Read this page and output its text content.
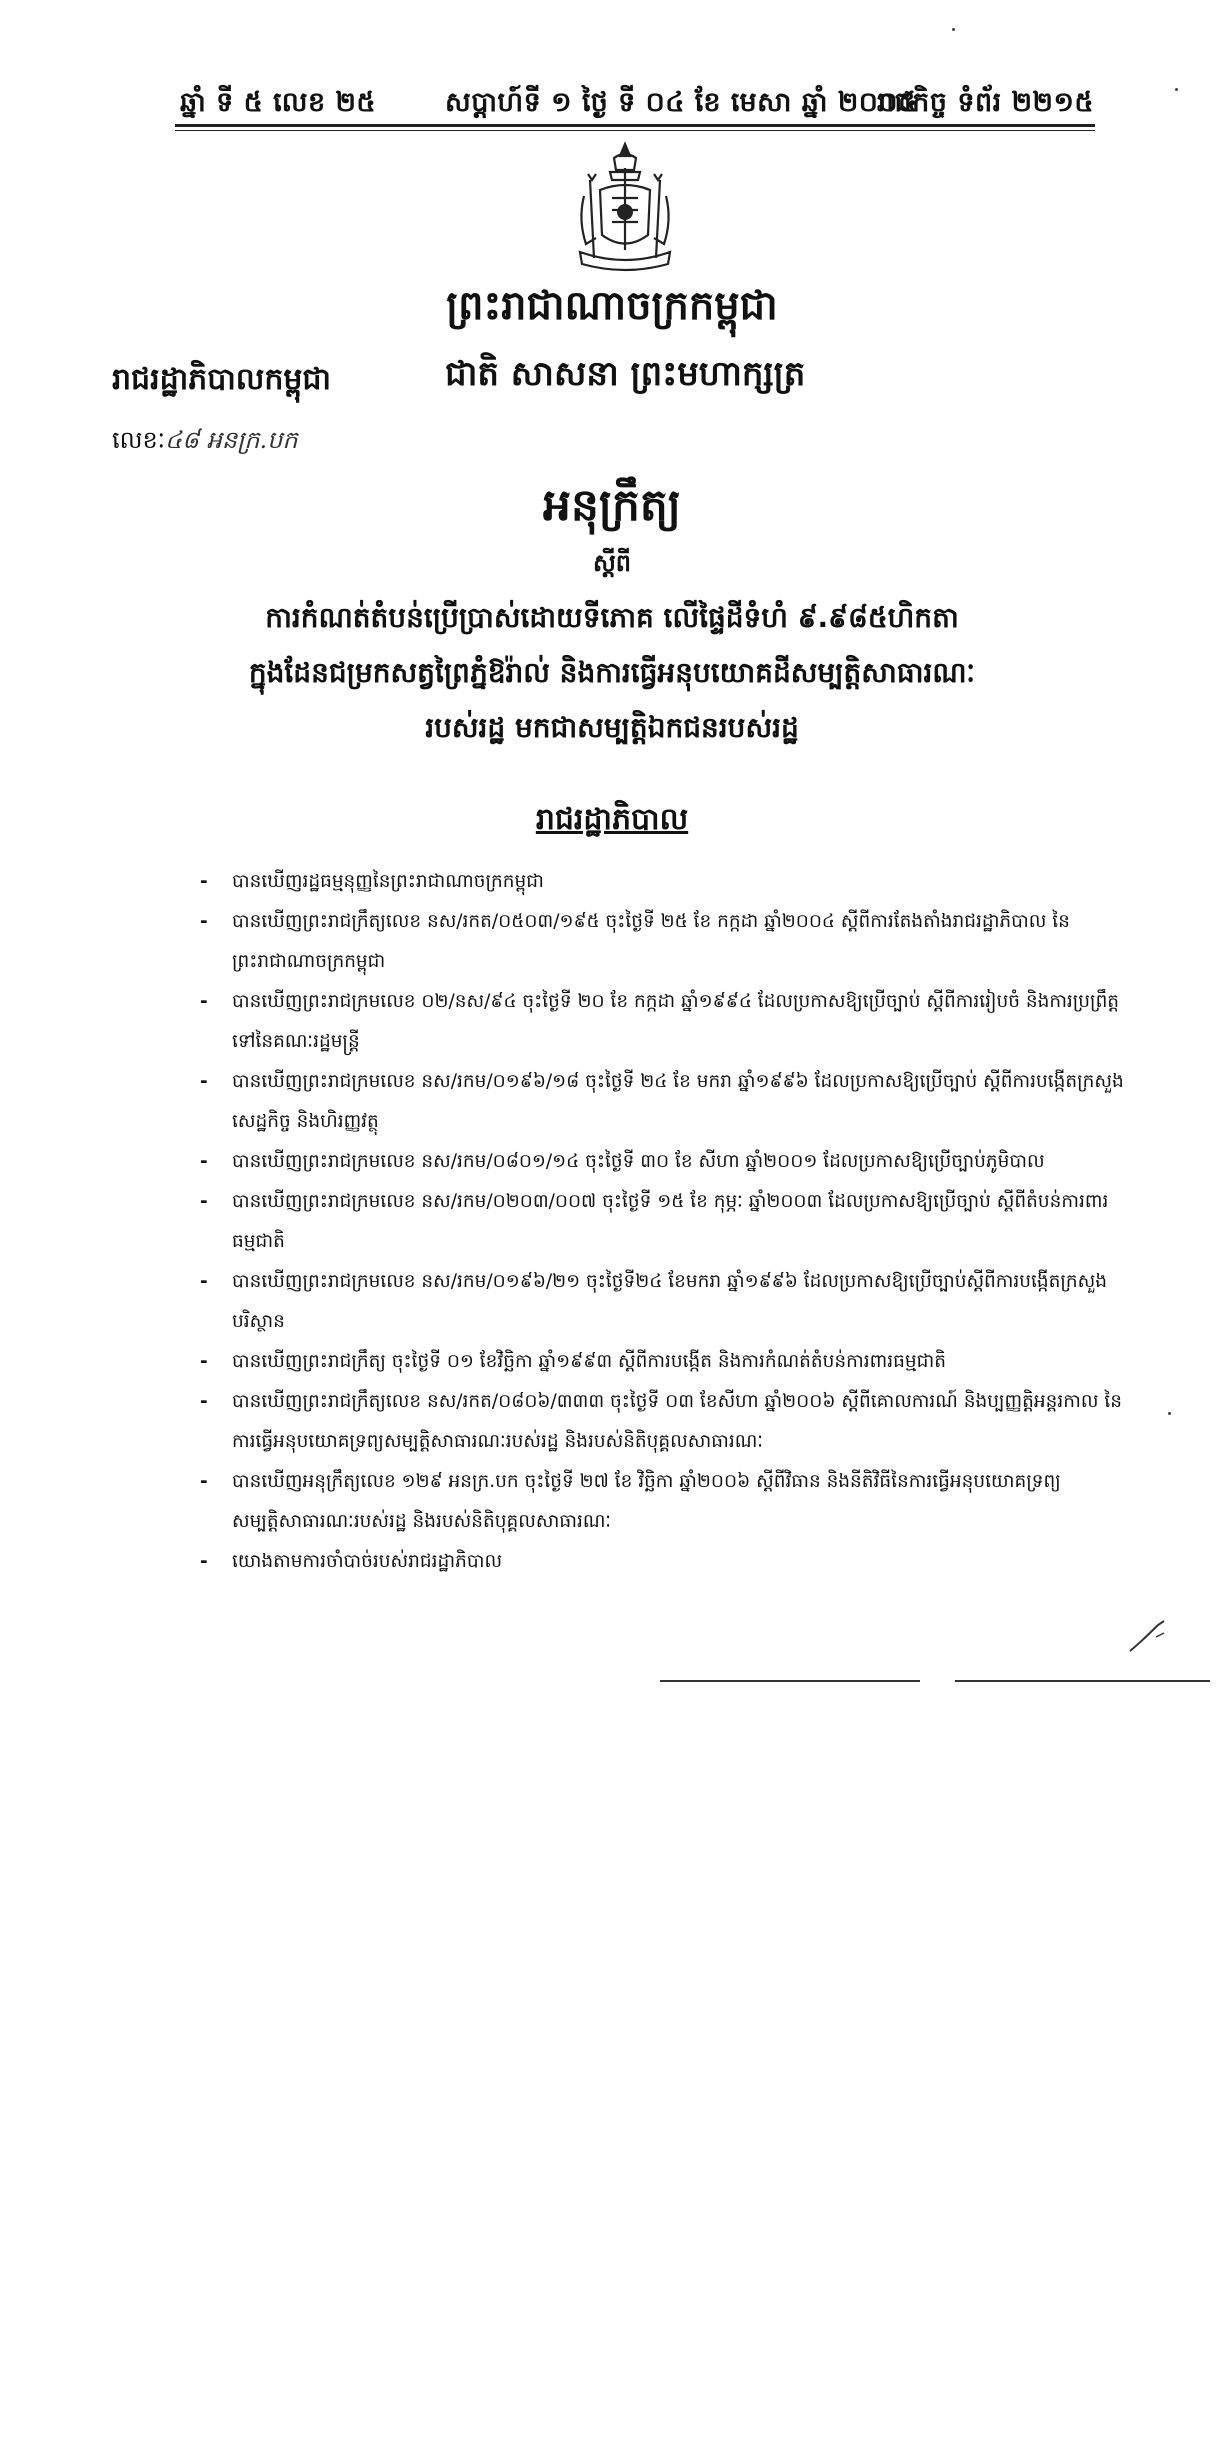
ឆ្នាំ ទី ៥ លេខ ២៥	សប្តាហ៍ទី ១ ថ្ងៃ ទី ០៤ ខែ មេសា ឆ្នាំ ២០០៥
រាជកិច្ច ទំព័រ ២២១៥
ព្រះរាជាណាចក្រកម្ពុជា
រាជរដ្ឋាភិបាលកម្ពុជា	ជាតិ សាសនា ព្រះមហាក្សត្រ
លេខៈ៤៨ អនក្រ.បក
អនុក្រឹត្យ
ស្តីពី
ការកំណត់តំបន់ប្រើប្រាស់ដោយទីភោគ លើផ្ទៃដីទំហំ ៩.៩៨៥ហិកតា
ក្នុងដែនជម្រកសត្វព្រៃភ្នំឱរ៉ាល់ និងការធ្វើអនុបយោគដីសម្បត្តិសាធារណៈ
របស់រដ្ឋ មកជាសម្បត្តិឯកជនរបស់រដ្ឋ
រាជរដ្ឋាភិបាល
- បានឃើញរដ្ឋធម្មនុញ្ញនៃព្រះរាជាណាចក្រកម្ពុជា
- បានឃើញព្រះរាជក្រឹត្យលេខ នស/រកត/០៥០៣/១៩៥ ចុះថ្ងៃទី ២៥ ខែ កក្កដា ឆ្នាំ២០០៤ ស្តីពីការតែងតាំងរាជរដ្ឋាភិបាល នៃព្រះរាជាណាចក្រកម្ពុជា
- បានឃើញព្រះរាជក្រមលេខ ០២/នស/៩៤ ចុះថ្ងៃទី ២០ ខែ កក្កដា ឆ្នាំ១៩៩៤ ដែលប្រកាសឱ្យប្រើច្បាប់ ស្តីពីការរៀបចំ និងការប្រព្រឹត្តទៅនៃគណៈរដ្ឋមន្ត្រី
- បានឃើញព្រះរាជក្រមលេខ នស/រកម/០១៩៦/១៨ ចុះថ្ងៃទី ២៤ ខែ មករា ឆ្នាំ១៩៩៦ ដែលប្រកាសឱ្យប្រើច្បាប់ ស្តីពីការបង្កើតក្រសួងសេដ្ឋកិច្ច និងហិរញ្ញវត្ថុ
- បានឃើញព្រះរាជក្រមលេខ នស/រកម/០៨០១/១៤ ចុះថ្ងៃទី ៣០ ខែ សីហា ឆ្នាំ២០០១ ដែលប្រកាសឱ្យប្រើច្បាប់ភូមិបាល
- បានឃើញព្រះរាជក្រមលេខ នស/រកម/០២០៣/០០៧ ចុះថ្ងៃទី ១៥ ខែ កុម្ភៈ ឆ្នាំ២០០៣ ដែលប្រកាសឱ្យប្រើច្បាប់ ស្តីពីតំបន់ការពារធម្មជាតិ
- បានឃើញព្រះរាជក្រមលេខ នស/រកម/០១៩៦/២១ ចុះថ្ងៃទី២៤ ខែមករា ឆ្នាំ១៩៩៦ ដែលប្រកាសឱ្យប្រើច្បាប់ស្តីពីការបង្កើតក្រសួងបរិស្ថាន
- បានឃើញព្រះរាជក្រឹត្យ ចុះថ្ងៃទី ០១ ខែវិច្ឆិកា ឆ្នាំ១៩៩៣ ស្តីពីការបង្កើត និងការកំណត់តំបន់ការពារធម្មជាតិ
- បានឃើញព្រះរាជក្រឹត្យលេខ នស/រកត/០៨០៦/៣៣៣ ចុះថ្ងៃទី ០៣ ខែសីហា ឆ្នាំ២០០៦ ស្តីពីគោលការណ៍ និងប្បញ្ញត្តិអន្តរកាល នៃការធ្វើអនុបយោគទ្រព្យសម្បត្តិសាធារណៈរបស់រដ្ឋ និងរបស់និតិបុគ្គលសាធារណៈ
- បានឃើញអនុក្រឹត្យលេខ ១២៩ អនក្រ.បក ចុះថ្ងៃទី ២៧ ខែ វិច្ឆិកា ឆ្នាំ២០០៦ ស្តីពីវិធាន និងនីតិវិធីនៃការធ្វើអនុបយោគទ្រព្យសម្បត្តិសាធារណៈរបស់រដ្ឋ និងរបស់និតិបុគ្គលសាធារណៈ
- យោងតាមការចាំបាច់របស់រាជរដ្ឋាភិបាល
